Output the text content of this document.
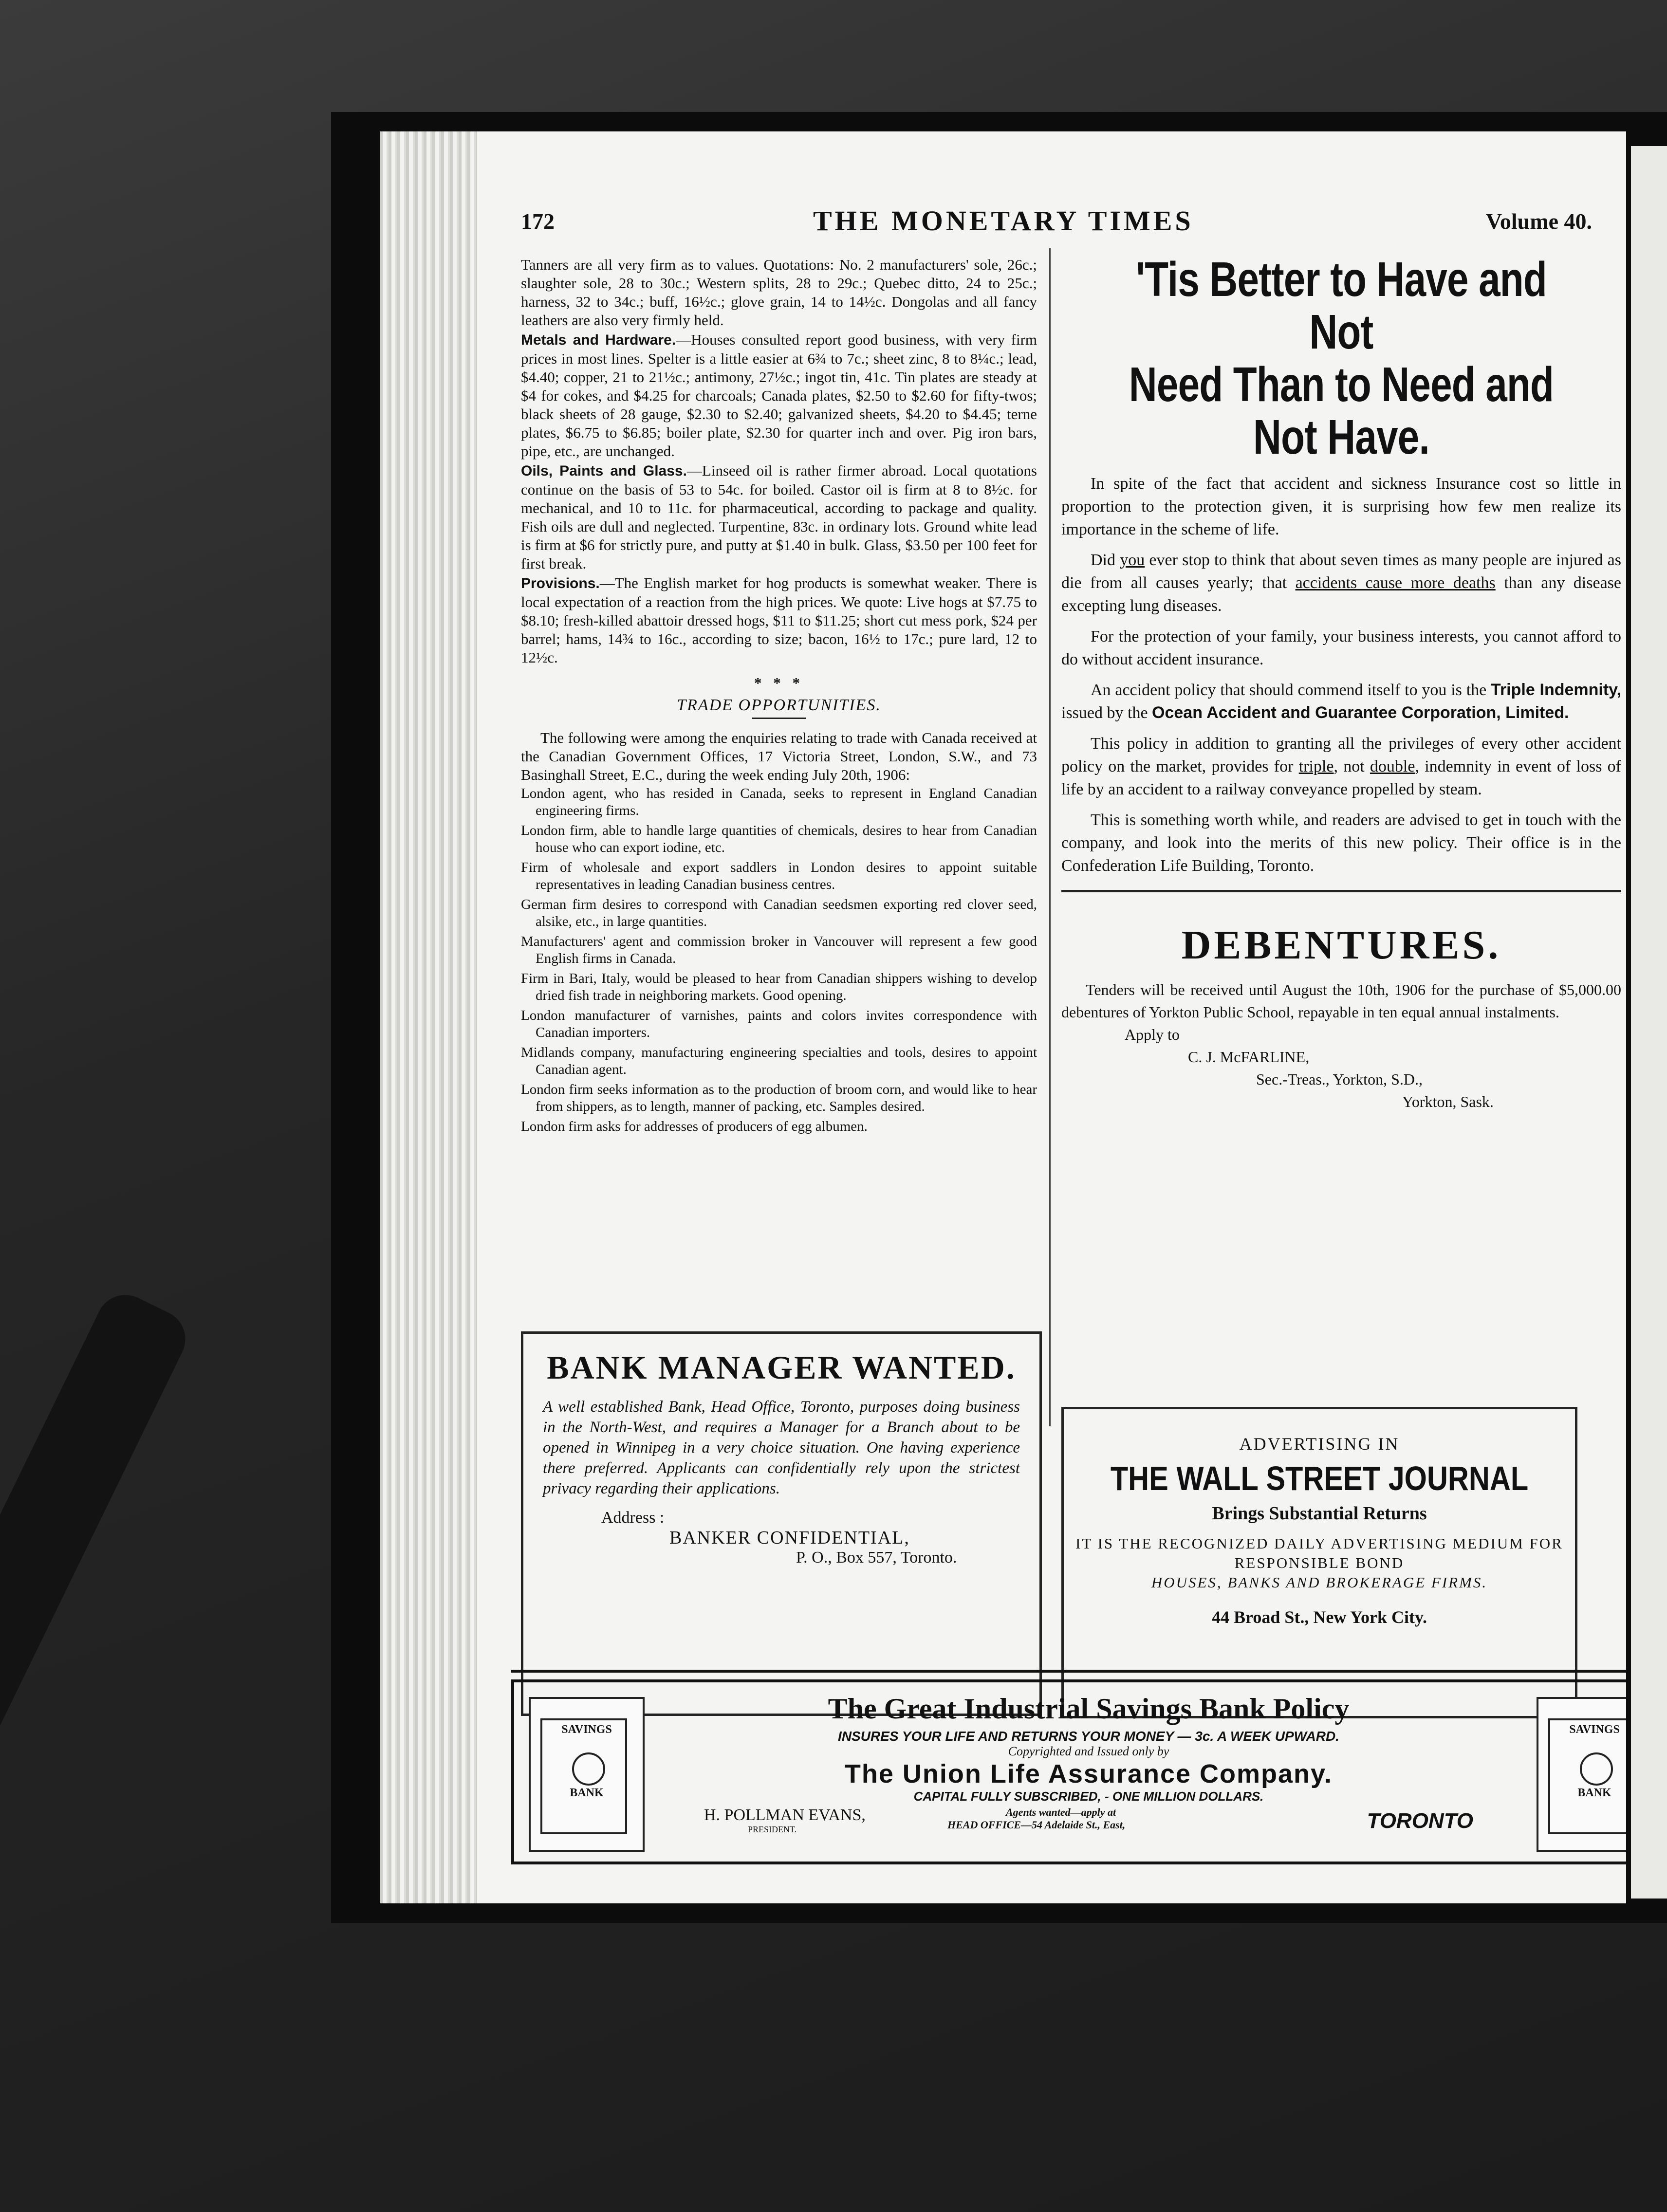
172	THE MONETARY TIMES	Volume 40.

Tanners are all very firm as to values. Quotations: No. 2 manufacturers' sole, 26c.; slaughter sole, 28 to 30c.; Western splits, 28 to 29c.; Quebec ditto, 24 to 25c.; harness, 32 to 34c.; buff, 16½c.; glove grain, 14 to 14½c. Dongolas and all fancy leathers are also very firmly held.

Metals and Hardware.—Houses consulted report good business, with very firm prices in most lines. Spelter is a little easier at 6¾ to 7c.; sheet zinc, 8 to 8¼c.; lead, $4.40; copper, 21 to 21½c.; antimony, 27½c.; ingot tin, 41c. Tin plates are steady at $4 for cokes, and $4.25 for charcoals; Canada plates, $2.50 to $2.60 for fifty-twos; black sheets of 28 gauge, $2.30 to $2.40; galvanized sheets, $4.20 to $4.45; terne plates, $6.75 to $6.85; boiler plate, $2.30 for quarter inch and over. Pig iron bars, pipe, etc., are unchanged.

Oils, Paints and Glass.—Linseed oil is rather firmer abroad. Local quotations continue on the basis of 53 to 54c. for boiled. Castor oil is firm at 8 to 8½c. for mechanical, and 10 to 11c. for pharmaceutical, according to package and quality. Fish oils are dull and neglected. Turpentine, 83c. in ordinary lots. Ground white lead is firm at $6 for strictly pure, and putty at $1.40 in bulk. Glass, $3.50 per 100 feet for first break.

Provisions.—The English market for hog products is somewhat weaker. There is local expectation of a reaction from the high prices. We quote: Live hogs at $7.75 to $8.10; fresh-killed abattoir dressed hogs, $11 to $11.25; short cut mess pork, $24 per barrel; hams, 14¾ to 16c., according to size; bacon, 16½ to 17c.; pure lard, 12 to 12½c.

* * *
TRADE OPPORTUNITIES.

The following were among the enquiries relating to trade with Canada received at the Canadian Government Offices, 17 Victoria Street, London, S.W., and 73 Basinghall Street, E.C., during the week ending July 20th, 1906:

London agent, who has resided in Canada, seeks to represent in England Canadian engineering firms.
London firm, able to handle large quantities of chemicals, desires to hear from Canadian house who can export iodine, etc.
Firm of wholesale and export saddlers in London desires to appoint suitable representatives in leading Canadian business centres.
German firm desires to correspond with Canadian seedsmen exporting red clover seed, alsike, etc., in large quantities.
Manufacturers' agent and commission broker in Vancouver will represent a few good English firms in Canada.
Firm in Bari, Italy, would be pleased to hear from Canadian shippers wishing to develop dried fish trade in neighboring markets. Good opening.
London manufacturer of varnishes, paints and colors invites correspondence with Canadian importers.
Midlands company, manufacturing engineering specialties and tools, desires to appoint Canadian agent.
London firm seeks information as to the production of broom corn, and would like to hear from shippers, as to length, manner of packing, etc. Samples desired.
London firm asks for addresses of producers of egg albumen.
'Tis Better to Have and Not
Need Than to Need and
Not Have.

In spite of the fact that accident and sickness Insurance cost so little in proportion to the protection given, it is surprising how few men realize its importance in the scheme of life.

Did you ever stop to think that about seven times as many people are injured as die from all causes yearly; that accidents cause more deaths than any disease excepting lung diseases.

For the protection of your family, your business interests, you cannot afford to do without accident insurance.

An accident policy that should commend itself to you is the Triple Indemnity, issued by the Ocean Accident and Guarantee Corporation, Limited.

This policy in addition to granting all the privileges of every other accident policy on the market, provides for triple, not double, indemnity in event of loss of life by an accident to a railway conveyance propelled by steam.

This is something worth while, and readers are advised to get in touch with the company, and look into the merits of this new policy. Their office is in the Confederation Life Building, Toronto.

DEBENTURES.

Tenders will be received until August the 10th, 1906 for the purchase of $5,000.00 debentures of Yorkton Public School, repayable in ten equal annual instalments.

Apply to
C. J. McFARLINE,
Sec.-Treas., Yorkton, S.D.,
Yorkton, Sask.
BANK MANAGER WANTED.
A well established Bank, Head Office, Toronto, purposes doing business in the North-West, and requires a Manager for a Branch about to be opened in Winnipeg in a very choice situation. One having experience there preferred. Applicants can confidentially rely upon the strictest privacy regarding their applications.
Address :
BANKER CONFIDENTIAL,
P. O., Box 557, Toronto.
ADVERTISING IN
THE WALL STREET JOURNAL
Brings Substantial Returns
IT IS THE RECOGNIZED DAILY ADVERTISING MEDIUM FOR RESPONSIBLE BOND
HOUSES, BANKS AND BROKERAGE FIRMS.
44 Broad St., New York City.
SAVINGS
BANK
The Great Industrial Savings Bank Policy
INSURES YOUR LIFE AND RETURNS YOUR MONEY — 3c. A WEEK UPWARD.
Copyrighted and Issued only by
The Union Life Assurance Company.
CAPITAL FULLY SUBSCRIBED, - ONE MILLION DOLLARS.
H. POLLMAN EVANS,
PRESIDENT.
Agents wanted—apply at
HEAD OFFICE—54 Adelaide St., East,	TORONTO
SAVINGS
BANK
